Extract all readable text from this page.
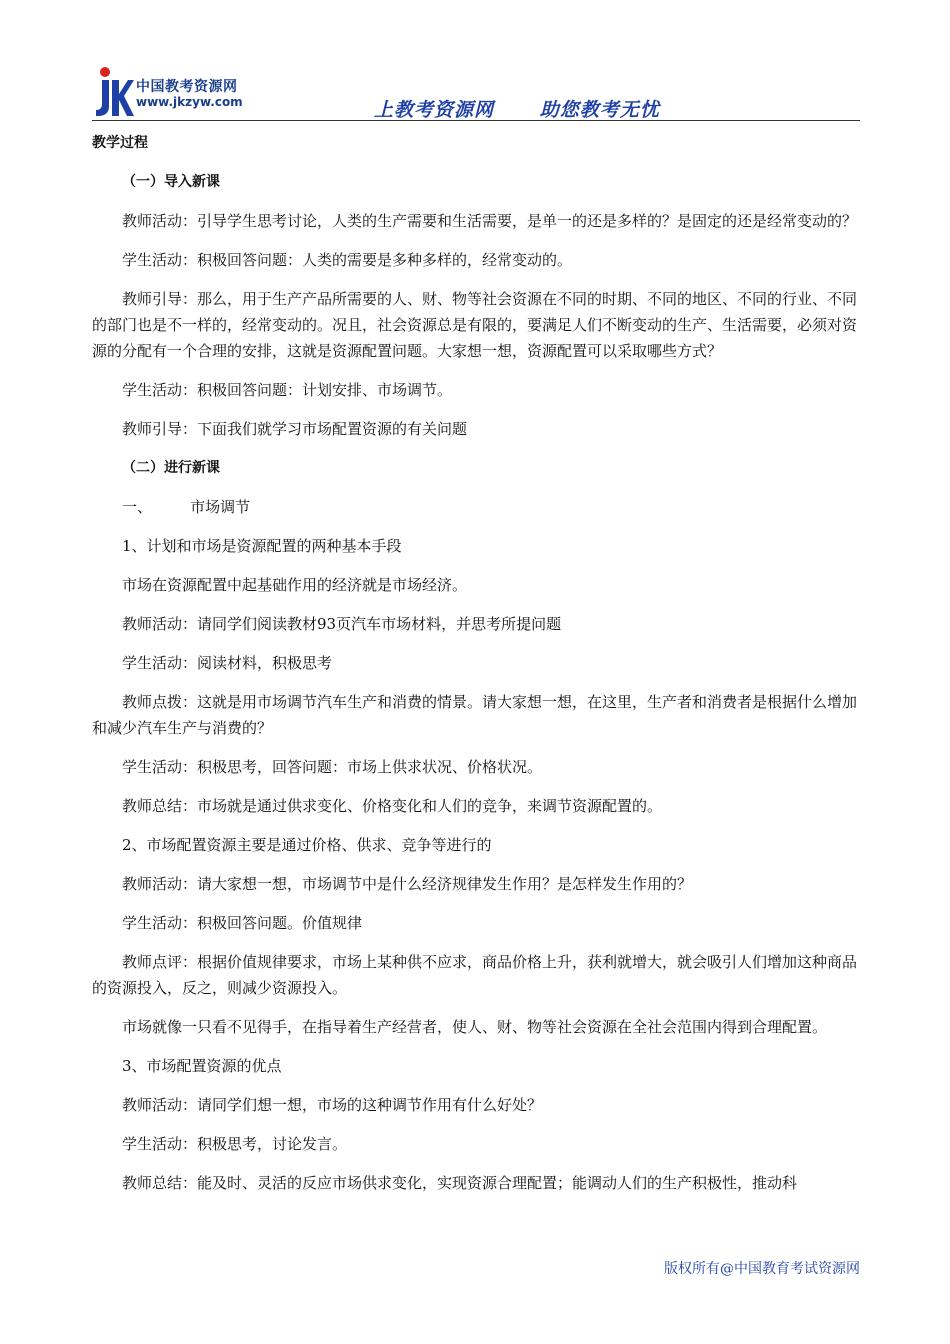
中国教考资源网
www.jkzyw.com	上教考资源网      助您教考无忧

教学过程

（一）导入新课

教师活动：引导学生思考讨论，人类的生产需要和生活需要，是单一的还是多样的？是固定的还是经常变动的？

学生活动：积极回答问题：人类的需要是多种多样的，经常变动的。

教师引导：那么，用于生产产品所需要的人、财、物等社会资源在不同的时期、不同的地区、不同的行业、不同的部门也是不一样的，经常变动的。况且，社会资源总是有限的，要满足人们不断变动的生产、生活需要，必须对资源的分配有一个合理的安排，这就是资源配置问题。大家想一想，资源配置可以采取哪些方式？

学生活动：积极回答问题：计划安排、市场调节。

教师引导：下面我们就学习市场配置资源的有关问题

（二）进行新课

一、        市场调节

1、计划和市场是资源配置的两种基本手段

市场在资源配置中起基础作用的经济就是市场经济。

教师活动：请同学们阅读教材93页汽车市场材料，并思考所提问题

学生活动：阅读材料，积极思考

教师点拨：这就是用市场调节汽车生产和消费的情景。请大家想一想，在这里，生产者和消费者是根据什么增加和减少汽车生产与消费的？

学生活动：积极思考，回答问题：市场上供求状况、价格状况。

教师总结：市场就是通过供求变化、价格变化和人们的竞争，来调节资源配置的。

2、市场配置资源主要是通过价格、供求、竞争等进行的

教师活动：请大家想一想，市场调节中是什么经济规律发生作用？是怎样发生作用的？

学生活动：积极回答问题。价值规律

教师点评：根据价值规律要求，市场上某种供不应求，商品价格上升，获利就增大，就会吸引人们增加这种商品的资源投入，反之，则减少资源投入。

市场就像一只看不见得手，在指导着生产经营者，使人、财、物等社会资源在全社会范围内得到合理配置。

3、市场配置资源的优点

教师活动：请同学们想一想，市场的这种调节作用有什么好处？

学生活动：积极思考，讨论发言。

教师总结：能及时、灵活的反应市场供求变化，实现资源合理配置；能调动人们的生产积极性，推动科

版权所有@中国教育考试资源网
